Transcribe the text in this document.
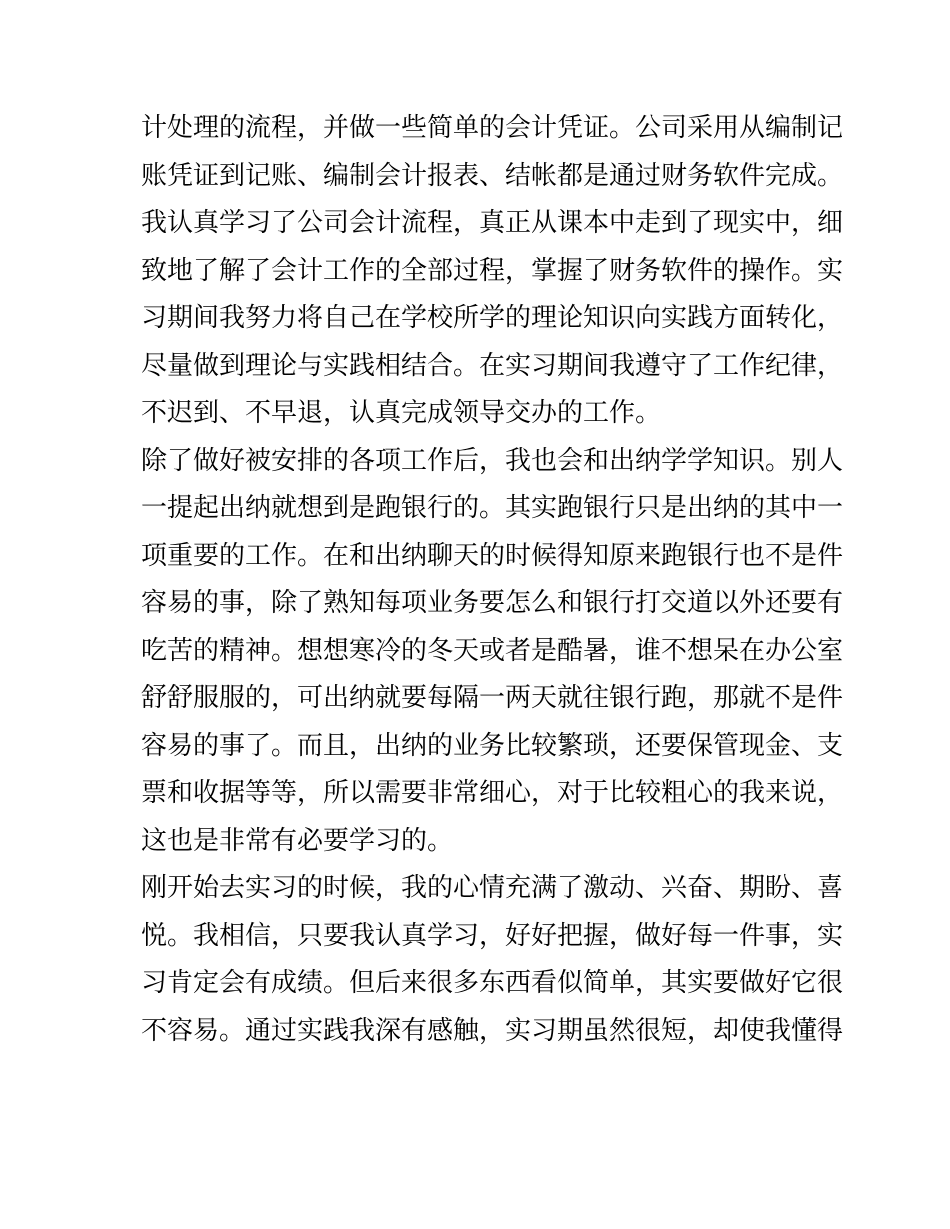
计处理的流程，并做一些简单的会计凭证。公司采用从编制记
账凭证到记账、编制会计报表、结帐都是通过财务软件完成。
我认真学习了公司会计流程，真正从课本中走到了现实中，细
致地了解了会计工作的全部过程，掌握了财务软件的操作。实
习期间我努力将自己在学校所学的理论知识向实践方面转化，
尽量做到理论与实践相结合。在实习期间我遵守了工作纪律，
不迟到、不早退，认真完成领导交办的工作。
除了做好被安排的各项工作后，我也会和出纳学学知识。别人
一提起出纳就想到是跑银行的。其实跑银行只是出纳的其中一
项重要的工作。在和出纳聊天的时候得知原来跑银行也不是件
容易的事，除了熟知每项业务要怎么和银行打交道以外还要有
吃苦的精神。想想寒冷的冬天或者是酷暑，谁不想呆在办公室
舒舒服服的，可出纳就要每隔一两天就往银行跑，那就不是件
容易的事了。而且，出纳的业务比较繁琐，还要保管现金、支
票和收据等等，所以需要非常细心，对于比较粗心的我来说，
这也是非常有必要学习的。
刚开始去实习的时候，我的心情充满了激动、兴奋、期盼、喜
悦。我相信，只要我认真学习，好好把握，做好每一件事，实
习肯定会有成绩。但后来很多东西看似简单，其实要做好它很
不容易。通过实践我深有感触，实习期虽然很短，却使我懂得
